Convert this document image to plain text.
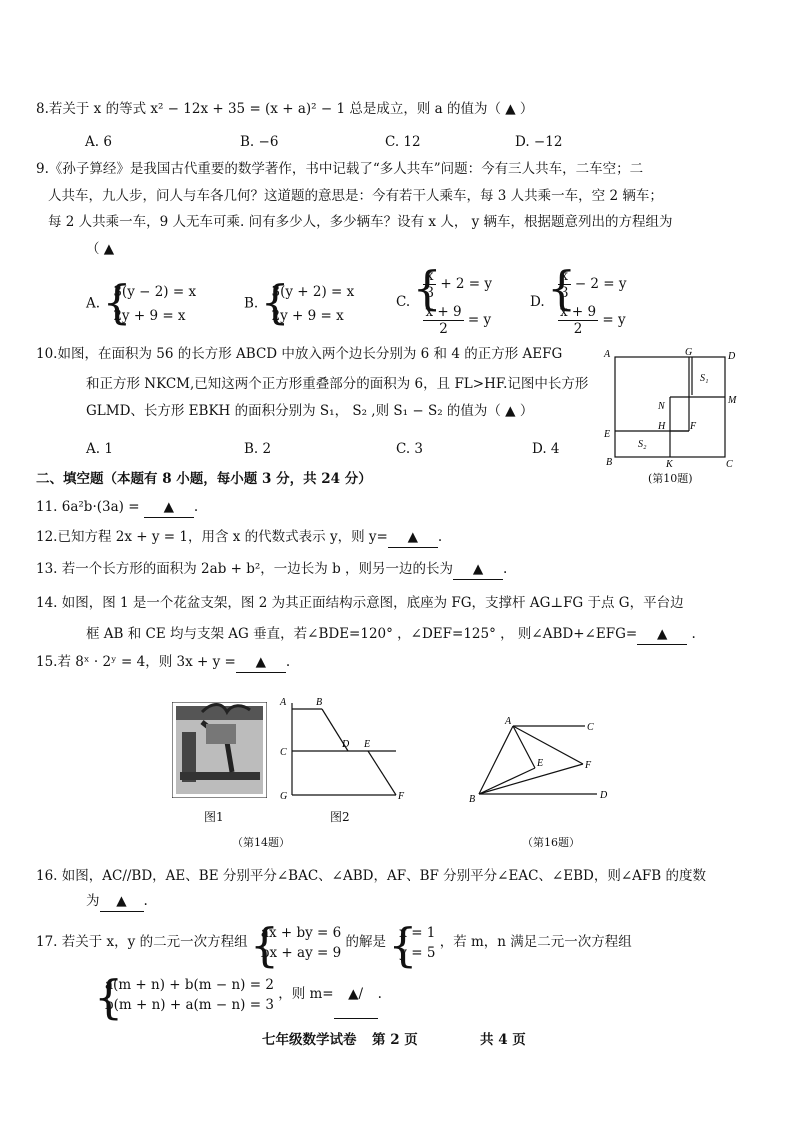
8.若关于 x 的等式 x² − 12x + 35 = (x + a)² − 1 总是成立，则 a 的值为（ ▲ ）
A. 6	B. −6	C. 12	D. −12
9.《孙子算经》是我国古代重要的数学著作，书中记载了“多人共车”问题：今有三人共车，二车空；二
人共车，九人步，问人与车各几何？这道题的意思是：今有若干人乘车，每 3 人共乘一车，空 2 辆车；
每 2 人共乘一车，9 人无车可乘. 问有多少人，多少辆车？设有 x 人， y 辆车，根据题意列出的方程组为
（ ▲
A.
{ 3(y − 2) = x
2y + 9 = x
B.
{ 3(y + 2) = x
2y + 9 = x
C.
{ $\frac{x}{3} + 2 = y$
$\frac{x + 9}{2} = y$
D.
{ $\frac{x}{3} - 2 = y$
$\frac{x + 9}{2} = y$
10.如图，在面积为 56 的长方形 ABCD 中放入两个边长分别为 6 和 4 的正方形 AEFG
和正方形 NKCM,已知这两个正方形重叠部分的面积为 6，且 FL>HF.记图中长方形
GLMD、长方形 EBKH 的面积分别为 S₁， S₂ ,则 S₁ − S₂ 的值为（ ▲ ）
A. 1	B. 2	C. 3	D. 4
A	G	D
S₁
N
M
H F
E
S₂
B	K	C
(第10题)
二、填空题（本题有 8 小题，每小题 3 分，共 24 分）
11. 6a²b·(3a) = ▲ .
12.已知方程 2x + y = 1，用含 x 的代数式表示 y，则 y= ▲ .
13. 若一个长方形的面积为 2ab + b²，一边长为 b ，则另一边的长为 ▲ .
14. 如图，图 1 是一个花盆支架，图 2 为其正面结构示意图，底座为 FG，支撑杆 AG⊥FG 于点 G，平台边
框 AB 和 CE 均与支架 AG 垂直，若∠BDE=120° ，∠DEF=125° ， 则∠ABD+∠EFG= ▲ .
15.若 8ˣ · 2ʸ = 4，则 3x + y = ▲ .
A	B
C
D E
G	F
图1	图2
（第14题）
A
C
E	F
B	D
（第16题）
16. 如图，AC//BD，AE、BE 分别平分∠BAC、∠ABD，AF、BF 分别平分∠EAC、∠EBD，则∠AFB 的度数
为 ▲ .
17. 若关于 x，y 的二元一次方程组
{ ax + by = 6
bx + ay = 9
的解是
{ x = 1
y = 5
，若 m，n 满足二元一次方程组
{ a(m + n) + b(m − n) = 2
b(m + n) + a(m − n) = 3
，则 m= ▲/ .
七年级数学试卷 第 2 页	共 4 页
